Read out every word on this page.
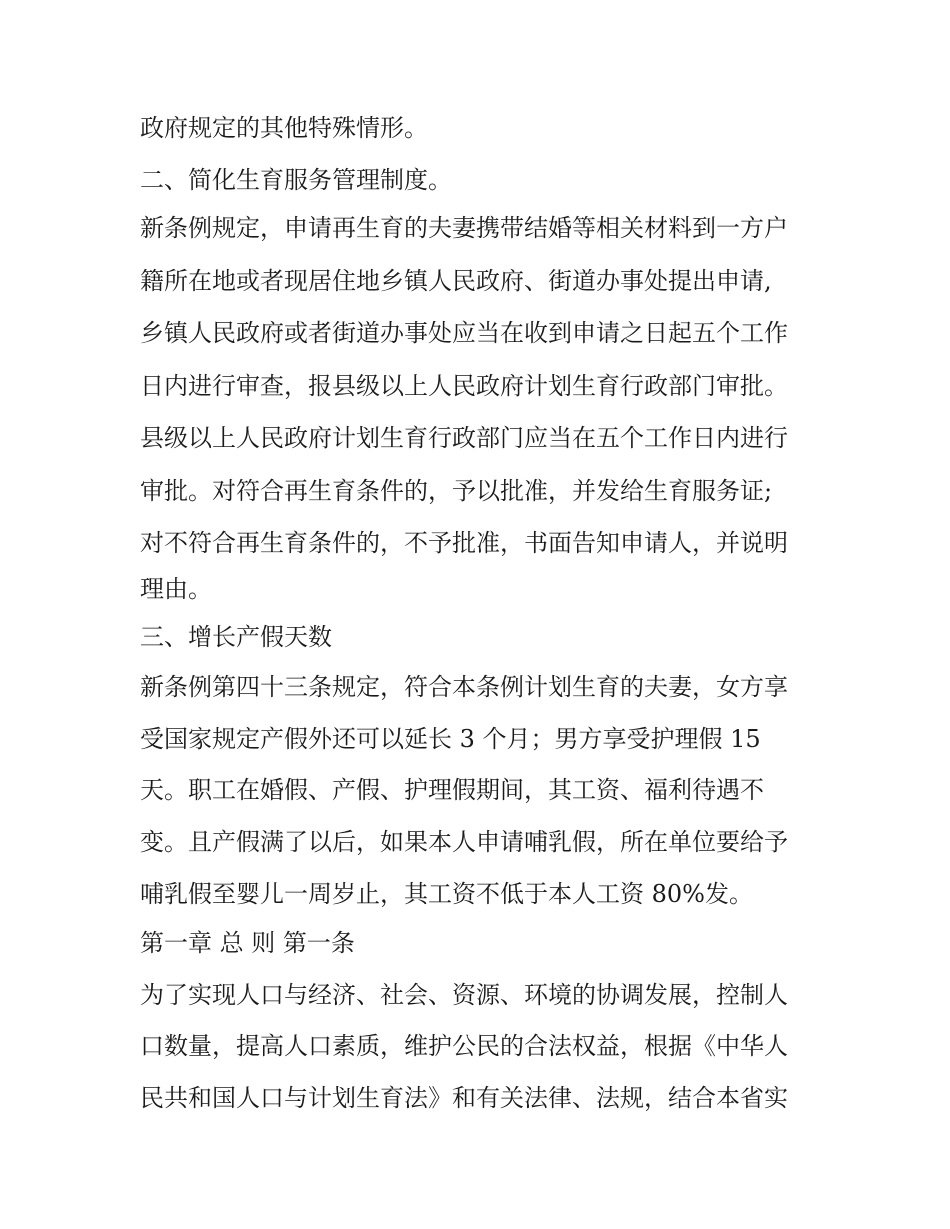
政府规定的其他特殊情形。
二、简化生育服务管理制度。
新条例规定，申请再生育的夫妻携带结婚等相关材料到一方户
籍所在地或者现居住地乡镇人民政府、街道办事处提出申请,
乡镇人民政府或者街道办事处应当在收到申请之日起五个工作
日内进行审查，报县级以上人民政府计划生育行政部门审批。
县级以上人民政府计划生育行政部门应当在五个工作日内进行
审批。对符合再生育条件的，予以批准，并发给生育服务证;
对不符合再生育条件的，不予批准，书面告知申请人，并说明
理由。
三、增长产假天数
新条例第四十三条规定，符合本条例计划生育的夫妻，女方享
受国家规定产假外还可以延长 3 个月；男方享受护理假 15
天。职工在婚假、产假、护理假期间，其工资、福利待遇不
变。且产假满了以后，如果本人申请哺乳假，所在单位要给予
哺乳假至婴儿一周岁止，其工资不低于本人工资 80%发。
第一章 总 则 第一条
为了实现人口与经济、社会、资源、环境的协调发展，控制人
口数量，提高人口素质，维护公民的合法权益，根据《中华人
民共和国人口与计划生育法》和有关法律、法规，结合本省实
